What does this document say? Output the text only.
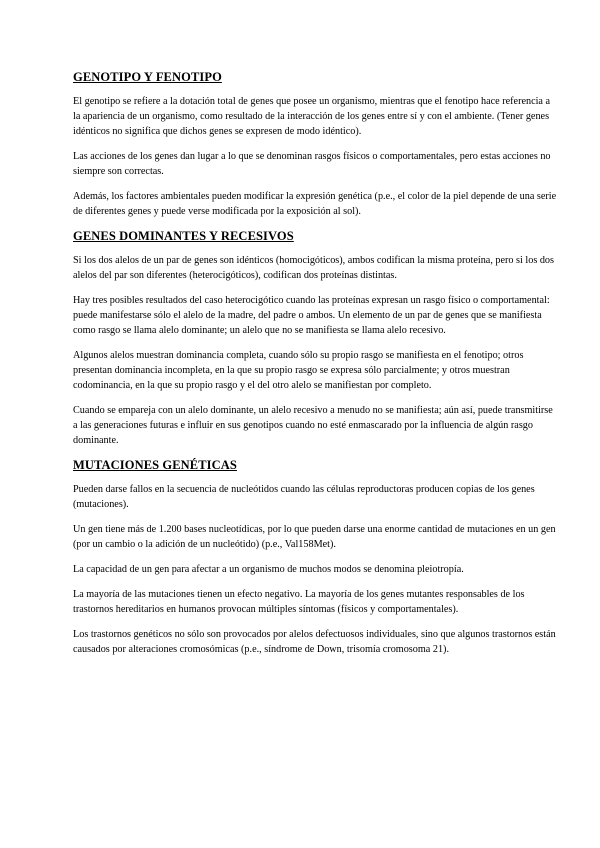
GENOTIPO Y FENOTIPO

El genotipo se refiere a la dotación total de genes que posee un organismo, mientras que el fenotipo hace referencia a la apariencia de un organismo, como resultado de la interacción de los genes entre sí y con el ambiente. (Tener genes idénticos no significa que dichos genes se expresen de modo idéntico).

Las acciones de los genes dan lugar a lo que se denominan rasgos físicos o comportamentales, pero estas acciones no siempre son correctas.

Además, los factores ambientales pueden modificar la expresión genética (p.e., el color de la piel depende de una serie de diferentes genes y puede verse modificada por la exposición al sol).

GENES DOMINANTES Y RECESIVOS

Si los dos alelos de un par de genes son idénticos (homocigóticos), ambos codifican la misma proteína, pero si los dos alelos del par son diferentes (heterocigóticos), codifican dos proteínas distintas.

Hay tres posibles resultados del caso heterocigótico cuando las proteínas expresan un rasgo físico o comportamental: puede manifestarse sólo el alelo de la madre, del padre o ambos. Un elemento de un par de genes que se manifiesta como rasgo se llama alelo dominante; un alelo que no se manifiesta se llama alelo recesivo.

Algunos alelos muestran dominancia completa, cuando sólo su propio rasgo se manifiesta en el fenotipo; otros presentan dominancia incompleta, en la que su propio rasgo se expresa sólo parcialmente; y otros muestran codominancia, en la que su propio rasgo y el del otro alelo se manifiestan por completo.

Cuando se empareja con un alelo dominante, un alelo recesivo a menudo no se manifiesta; aún así, puede transmitirse a las generaciones futuras e influir en sus genotipos cuando no esté enmascarado por la influencia de algún rasgo dominante.

MUTACIONES GENÉTICAS

Pueden darse fallos en la secuencia de nucleótidos cuando las células reproductoras producen copias de los genes (mutaciones).

Un gen tiene más de 1.200 bases nucleotídicas, por lo que pueden darse una enorme cantidad de mutaciones en un gen (por un cambio o la adición de un nucleótido) (p.e., Val158Met).

La capacidad de un gen para afectar a un organismo de muchos modos se denomina pleiotropía.

La mayoría de las mutaciones tienen un efecto negativo. La mayoría de los genes mutantes responsables de los trastornos hereditarios en humanos provocan múltiples síntomas (físicos y comportamentales).

Los trastornos genéticos no sólo son provocados por alelos defectuosos individuales, sino que algunos trastornos están causados por alteraciones cromosómicas (p.e., síndrome de Down, trisomía cromosoma 21).
